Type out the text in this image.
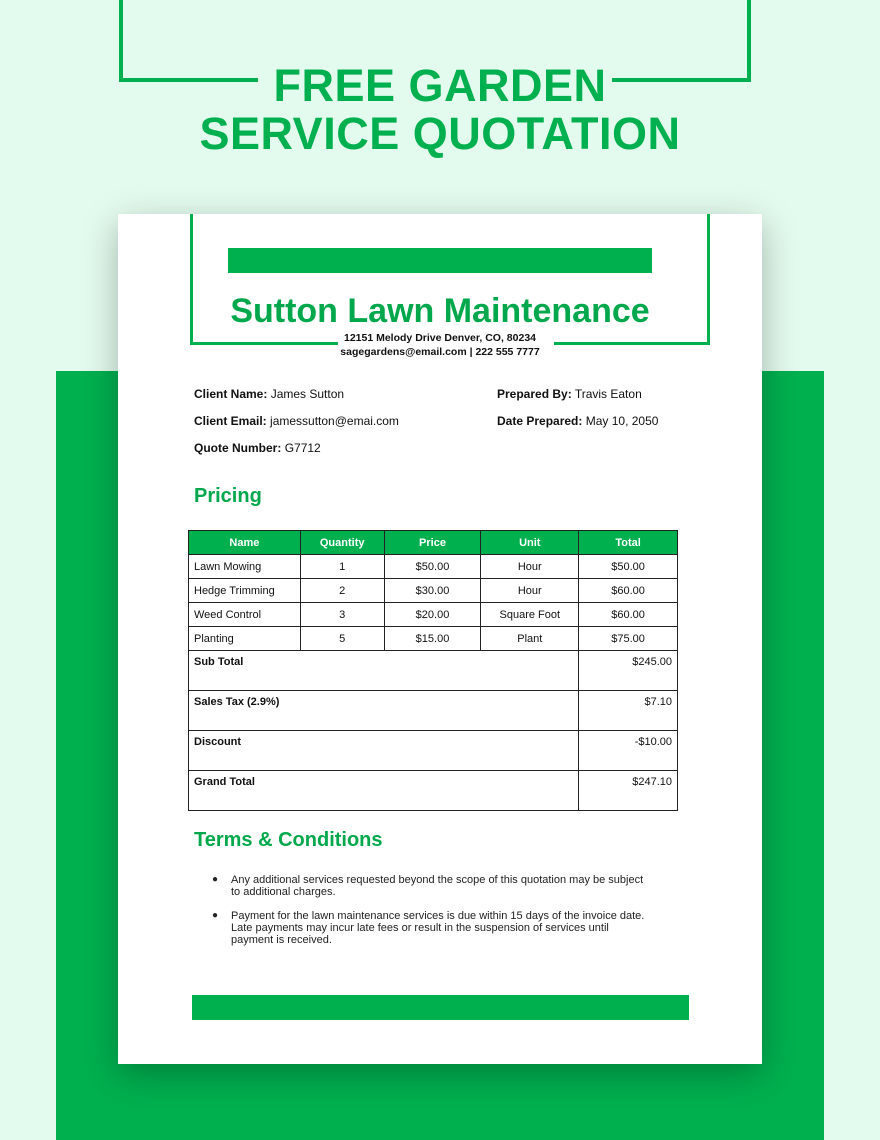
FREE GARDEN
SERVICE QUOTATION
Sutton Lawn Maintenance
12151 Melody Drive Denver, CO, 80234
sagegardens@email.com | 222 555 7777
Client Name: James Sutton
Client Email: jamessutton@emai.com
Quote Number: G7712
Prepared By: Travis Eaton
Date Prepared: May 10, 2050
Pricing
Name	Quantity	Price	Unit	Total
Lawn Mowing	1	$50.00	Hour	$50.00
Hedge Trimming	2	$30.00	Hour	$60.00
Weed Control	3	$20.00	Square Foot	$60.00
Planting	5	$15.00	Plant	$75.00
Sub Total				$245.00
Sales Tax (2.9%)				$7.10
Discount				-$10.00
Grand Total				$247.10
Terms & Conditions
● Any additional services requested beyond the scope of this quotation may be subject to additional charges.
● Payment for the lawn maintenance services is due within 15 days of the invoice date. Late payments may incur late fees or result in the suspension of services until payment is received.
